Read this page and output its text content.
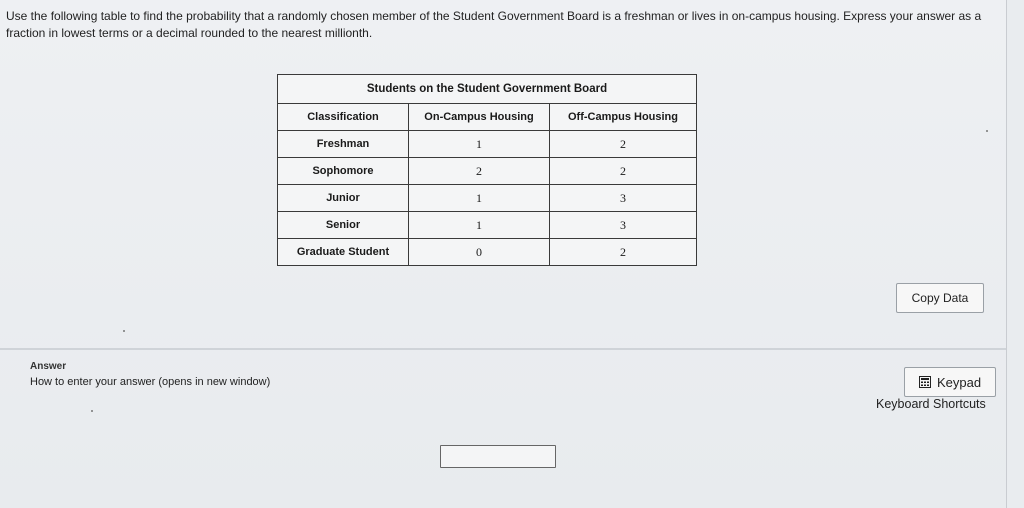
Use the following table to find the probability that a randomly chosen member of the Student Government Board is a freshman or lives in on-campus housing. Express your answer as a fraction in lowest terms or a decimal rounded to the nearest millionth.
Students on the Student Government Board		
Classification	On-Campus Housing	Off-Campus Housing
Freshman	1	2
Sophomore	2	2
Junior	1	3
Senior	1	3
Graduate Student	0	2
Copy Data
Answer
How to enter your answer (opens in new window)	Keypad
Keyboard Shortcuts
